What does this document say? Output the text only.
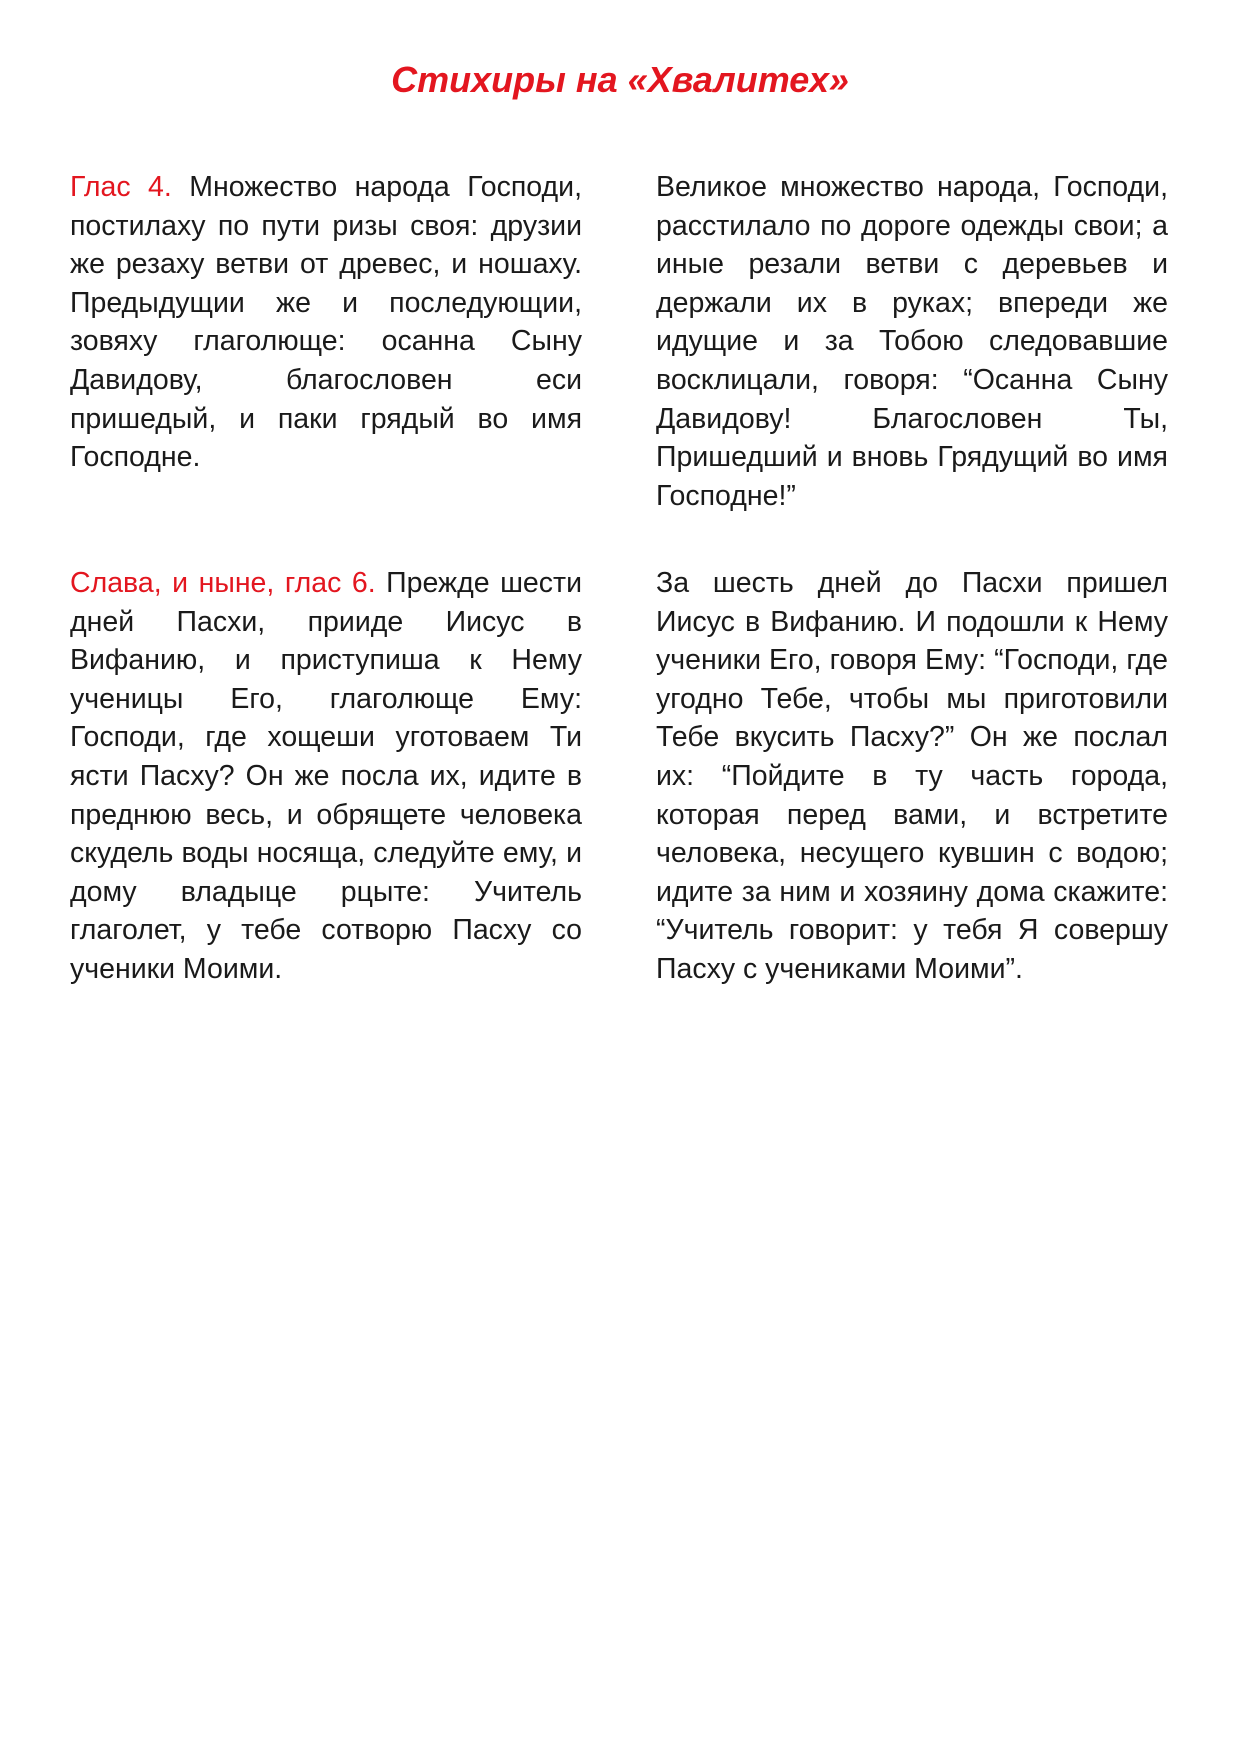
Стихиры на «Хвалитех»

Глас 4. Множество народа Господи, постилаху по пути ризы своя: друзии же резаху ветви от древес, и ношаху. Предыдущии же и последующии, зовяху глаголюще: осанна Сыну Давидову, благословен еси пришедый, и паки грядый во имя Господне.

Великое множество народа, Господи, расстилало по дороге одежды свои; а иные резали ветви с деревьев и держали их в руках; впереди же идущие и за Тобою следовавшие восклицали, говоря: “Осанна Сыну Давидову! Благословен Ты, Пришедший и вновь Грядущий во имя Господне!”

Слава, и ныне, глас 6. Прежде шести дней Пасхи, прииде Иисус в Вифанию, и приступиша к Нему ученицы Его, глаголюще Ему: Господи, где хощеши уготоваем Ти ясти Пасху? Он же посла их, идите в преднюю весь, и обрящете человека скудель воды носяща, следуйте ему, и дому владыце рцыте: Учитель глаголет, у тебе сотворю Пасху со ученики Моими.

За шесть дней до Пасхи пришел Иисус в Вифанию. И подошли к Нему ученики Его, говоря Ему: “Господи, где угодно Тебе, чтобы мы приготовили Тебе вкусить Пасху?” Он же послал их: “Пойдите в ту часть города, которая перед вами, и встретите человека, несущего кувшин с водою; идите за ним и хозяину дома скажите: “Учитель говорит: у тебя Я совершу Пасху с учениками Моими”.
